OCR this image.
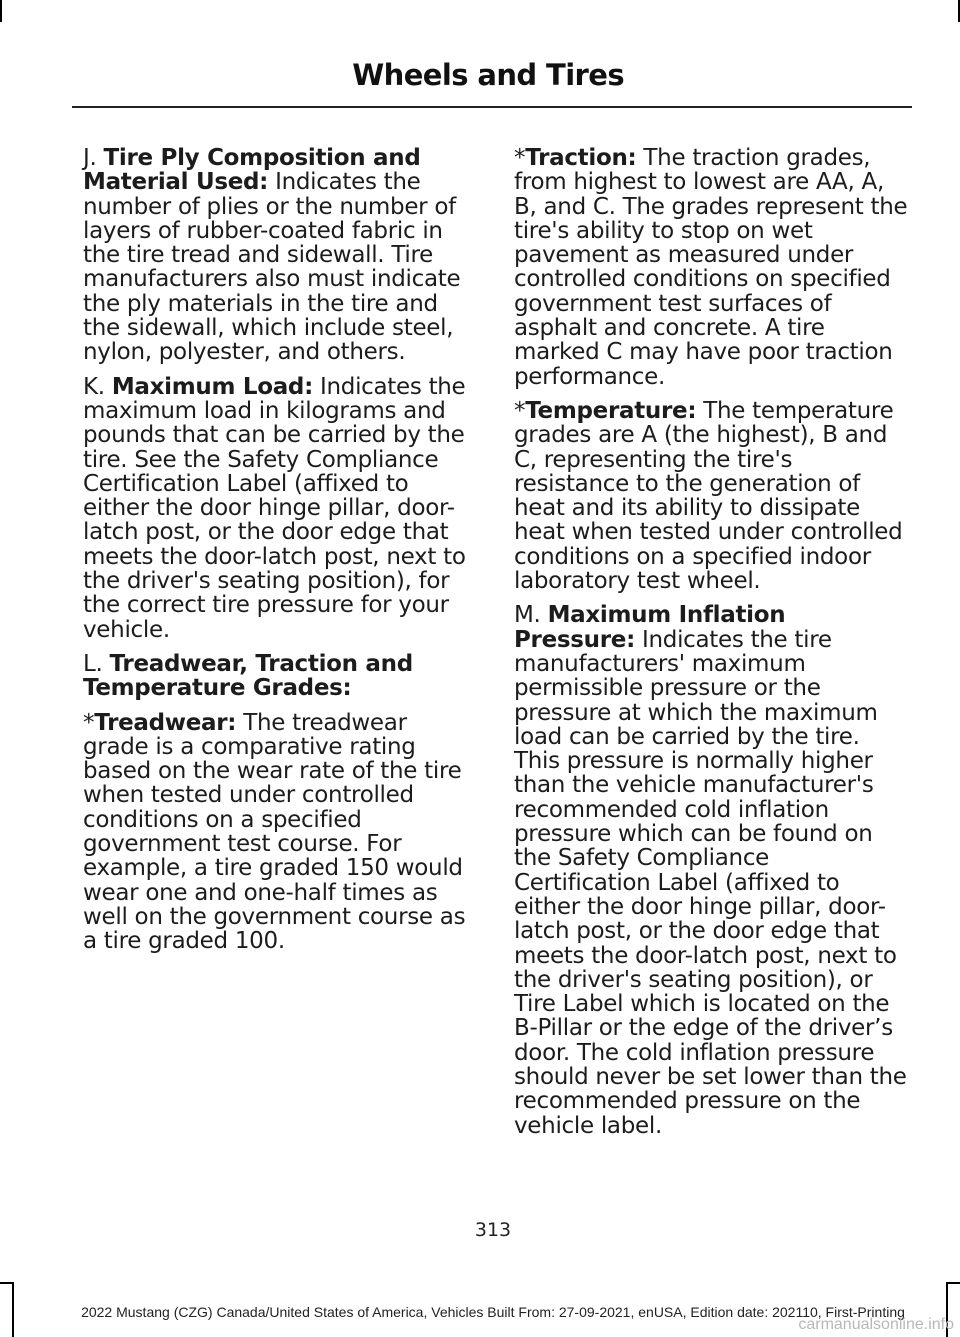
Wheels and Tires

J. Tire Ply Composition and Material Used: Indicates the number of plies or the number of layers of rubber-coated fabric in the tire tread and sidewall. Tire manufacturers also must indicate the ply materials in the tire and the sidewall, which include steel, nylon, polyester, and others.

K. Maximum Load: Indicates the maximum load in kilograms and pounds that can be carried by the tire. See the Safety Compliance Certification Label (affixed to either the door hinge pillar, door-latch post, or the door edge that meets the door-latch post, next to the driver's seating position), for the correct tire pressure for your vehicle.

L. Treadwear, Traction and Temperature Grades:

*Treadwear: The treadwear grade is a comparative rating based on the wear rate of the tire when tested under controlled conditions on a specified government test course. For example, a tire graded 150 would wear one and one-half times as well on the government course as a tire graded 100.

*Traction: The traction grades, from highest to lowest are AA, A, B, and C. The grades represent the tire's ability to stop on wet pavement as measured under controlled conditions on specified government test surfaces of asphalt and concrete. A tire marked C may have poor traction performance.

*Temperature: The temperature grades are A (the highest), B and C, representing the tire's resistance to the generation of heat and its ability to dissipate heat when tested under controlled conditions on a specified indoor laboratory test wheel.

M. Maximum Inflation Pressure: Indicates the tire manufacturers' maximum permissible pressure or the pressure at which the maximum load can be carried by the tire. This pressure is normally higher than the vehicle manufacturer's recommended cold inflation pressure which can be found on the Safety Compliance Certification Label (affixed to either the door hinge pillar, door-latch post, or the door edge that meets the door-latch post, next to the driver's seating position), or Tire Label which is located on the B-Pillar or the edge of the driver’s door. The cold inflation pressure should never be set lower than the recommended pressure on the vehicle label.

313
2022 Mustang (CZG) Canada/United States of America, Vehicles Built From: 27-09-2021, enUSA, Edition date: 202110, First-Printing
carmanualsonline.info
